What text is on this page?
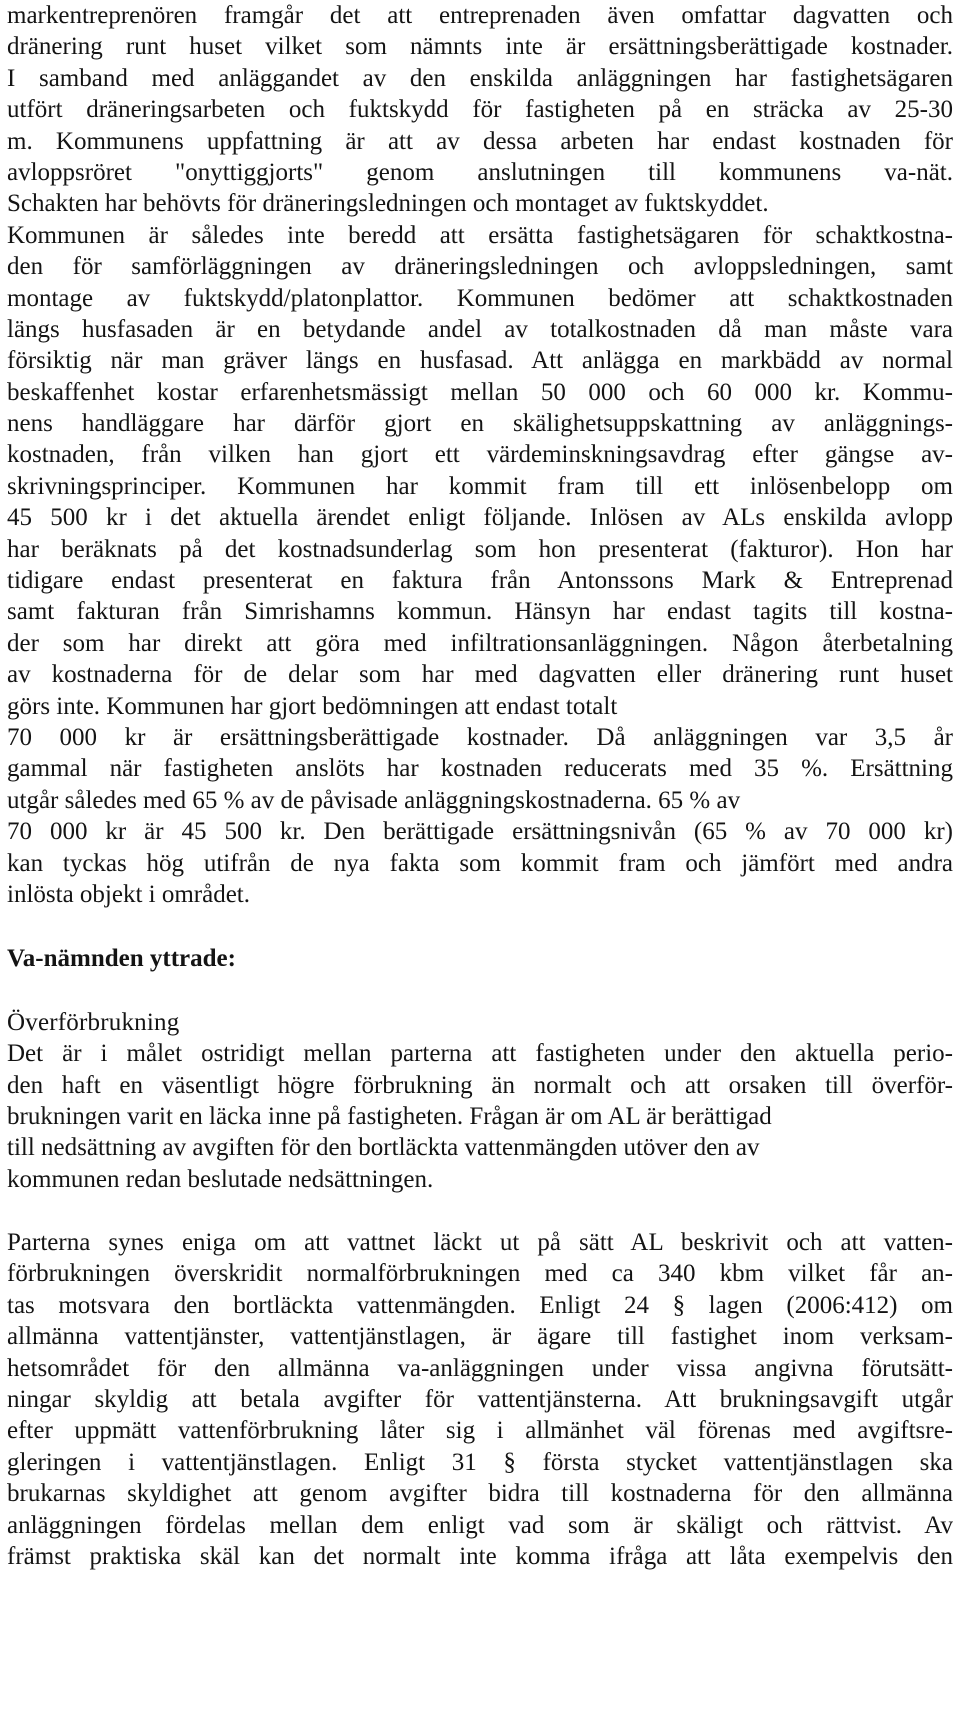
markentreprenören framgår det att entreprenaden även omfattar dagvatten och
dränering runt huset vilket som nämnts inte är ersättningsberättigade kostnader.
I samband med anläggandet av den enskilda anläggningen har fastighetsägaren
utfört dräneringsarbeten och fuktskydd för fastigheten på en sträcka av 25-30
m. Kommunens uppfattning är att av dessa arbeten har endast kostnaden för
avloppsröret "onyttiggjorts" genom anslutningen till kommunens va-nät.
Schakten har behövts för dräneringsledningen och montaget av fuktskyddet.
Kommunen är således inte beredd att ersätta fastighetsägaren för schaktkostna-
den för samförläggningen av dräneringsledningen och avloppsledningen, samt
montage av fuktskydd/platonplattor. Kommunen bedömer att schaktkostnaden
längs husfasaden är en betydande andel av totalkostnaden då man måste vara
försiktig när man gräver längs en husfasad. Att anlägga en markbädd av normal
beskaffenhet kostar erfarenhetsmässigt mellan 50 000 och 60 000 kr. Kommu-
nens handläggare har därför gjort en skälighetsuppskattning av anläggnings-
kostnaden, från vilken han gjort ett värdeminskningsavdrag efter gängse av-
skrivningsprinciper. Kommunen har kommit fram till ett inlösenbelopp om
45 500 kr i det aktuella ärendet enligt följande. Inlösen av ALs enskilda avlopp
har beräknats på det kostnadsunderlag som hon presenterat (fakturor). Hon har
tidigare endast presenterat en faktura från Antonssons Mark & Entreprenad
samt fakturan från Simrishamns kommun. Hänsyn har endast tagits till kostna-
der som har direkt att göra med infiltrationsanläggningen. Någon återbetalning
av kostnaderna för de delar som har med dagvatten eller dränering runt huset
görs inte. Kommunen har gjort bedömningen att endast totalt
70 000 kr är ersättningsberättigade kostnader. Då anläggningen var 3,5 år
gammal när fastigheten anslöts har kostnaden reducerats med 35 %. Ersättning
utgår således med 65 % av de påvisade anläggningskostnaderna. 65 % av
70 000 kr är 45 500 kr. Den berättigade ersättningsnivån (65 % av 70 000 kr)
kan tyckas hög utifrån de nya fakta som kommit fram och jämfört med andra
inlösta objekt i området.
Va-nämnden yttrade:
Överförbrukning
Det är i målet ostridigt mellan parterna att fastigheten under den aktuella perio-
den haft en väsentligt högre förbrukning än normalt och att orsaken till överför-
brukningen varit en läcka inne på fastigheten. Frågan är om AL är berättigad
till nedsättning av avgiften för den bortläckta vattenmängden utöver den av
kommunen redan beslutade nedsättningen.
Parterna synes eniga om att vattnet läckt ut på sätt AL beskrivit och att vatten-
förbrukningen överskridit normalförbrukningen med ca 340 kbm vilket får an-
tas motsvara den bortläckta vattenmängden. Enligt 24 § lagen (2006:412) om
allmänna vattentjänster, vattentjänstlagen, är ägare till fastighet inom verksam-
hetsområdet för den allmänna va-anläggningen under vissa angivna förutsätt-
ningar skyldig att betala avgifter för vattentjänsterna. Att brukningsavgift utgår
efter uppmätt vattenförbrukning låter sig i allmänhet väl förenas med avgiftsre-
gleringen i vattentjänstlagen. Enligt 31 § första stycket vattentjänstlagen ska
brukarnas skyldighet att genom avgifter bidra till kostnaderna för den allmänna
anläggningen fördelas mellan dem enligt vad som är skäligt och rättvist. Av
främst praktiska skäl kan det normalt inte komma ifråga att låta exempelvis den
